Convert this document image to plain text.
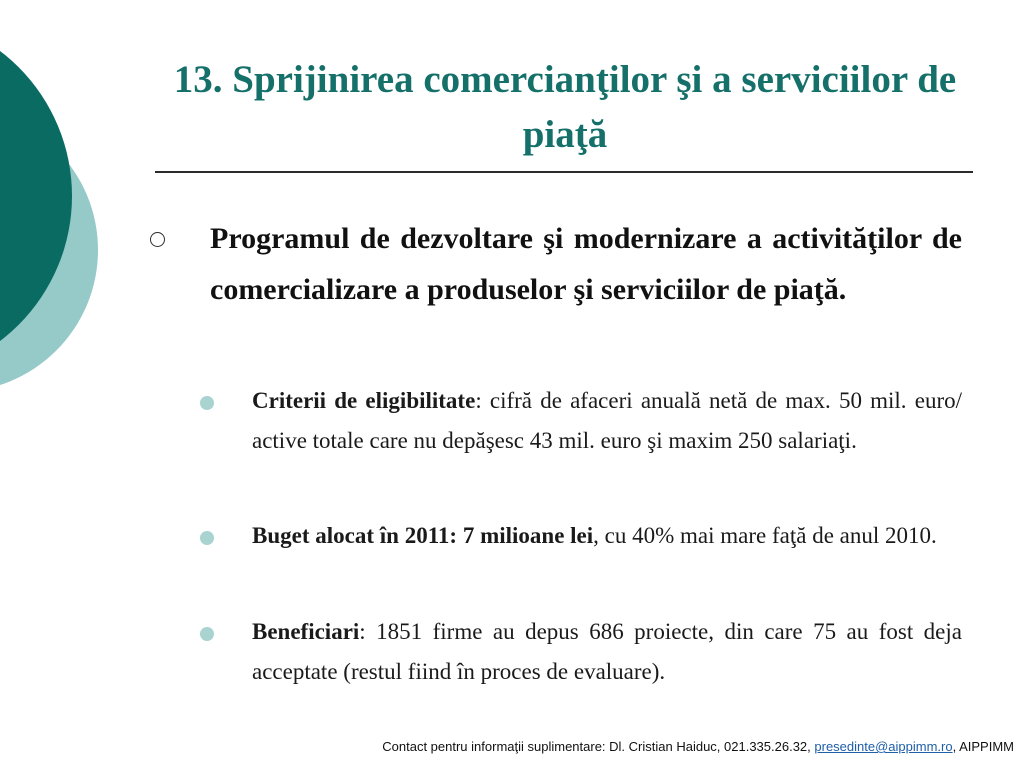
13. Sprijinirea comercianţilor şi a serviciilor de piaţă

Programul de dezvoltare şi modernizare a activităţilor de comercializare a produselor şi serviciilor de piaţă.

Criterii de eligibilitate: cifră de afaceri anuală netă de max. 50 mil. euro/ active totale care nu depăşesc 43 mil. euro şi maxim 250 salariaţi.

Buget alocat în 2011: 7 milioane lei, cu 40% mai mare faţă de anul 2010.

Beneficiari: 1851 firme au depus 686 proiecte, din care 75 au fost deja acceptate (restul fiind în proces de evaluare).

Contact pentru informaţii suplimentare: Dl. Cristian Haiduc, 021.335.26.32, presedinte@aippimm.ro, AIPPIMM
